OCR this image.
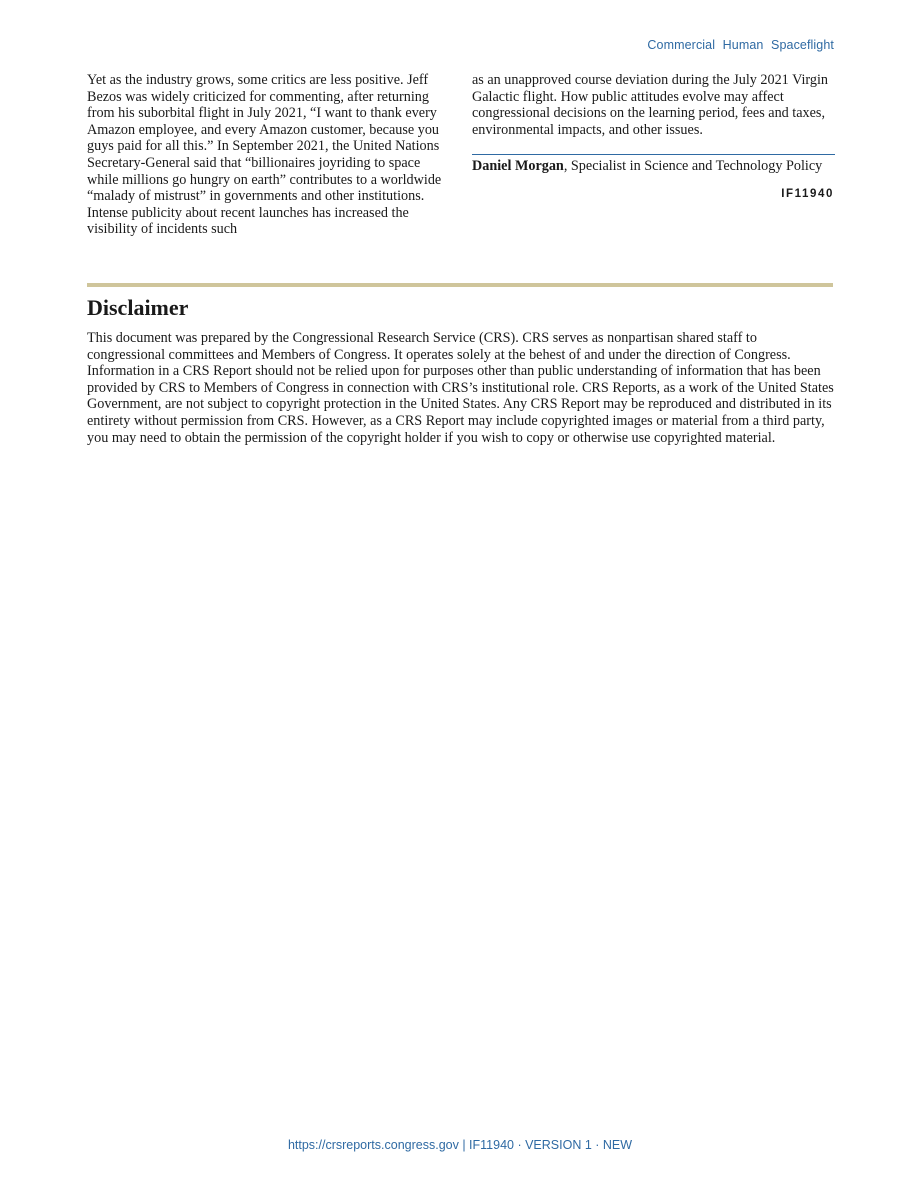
Commercial Human Spaceflight

Yet as the industry grows, some critics are less positive. Jeff Bezos was widely criticized for commenting, after returning from his suborbital flight in July 2021, “I want to thank every Amazon employee, and every Amazon customer, because you guys paid for all this.” In September 2021, the United Nations Secretary-General said that “billionaires joyriding to space while millions go hungry on earth” contributes to a worldwide “malady of mistrust” in governments and other institutions. Intense publicity about recent launches has increased the visibility of incidents such

as an unapproved course deviation during the July 2021 Virgin Galactic flight. How public attitudes evolve may affect congressional decisions on the learning period, fees and taxes, environmental impacts, and other issues.

Daniel Morgan, Specialist in Science and Technology Policy
IF11940
Disclaimer

This document was prepared by the Congressional Research Service (CRS). CRS serves as nonpartisan shared staff to congressional committees and Members of Congress. It operates solely at the behest of and under the direction of Congress. Information in a CRS Report should not be relied upon for purposes other than public understanding of information that has been provided by CRS to Members of Congress in connection with CRS’s institutional role. CRS Reports, as a work of the United States Government, are not subject to copyright protection in the United States. Any CRS Report may be reproduced and distributed in its entirety without permission from CRS. However, as a CRS Report may include copyrighted images or material from a third party, you may need to obtain the permission of the copyright holder if you wish to copy or otherwise use copyrighted material.

https://crsreports.congress.gov | IF11940 · VERSION 1 · NEW
